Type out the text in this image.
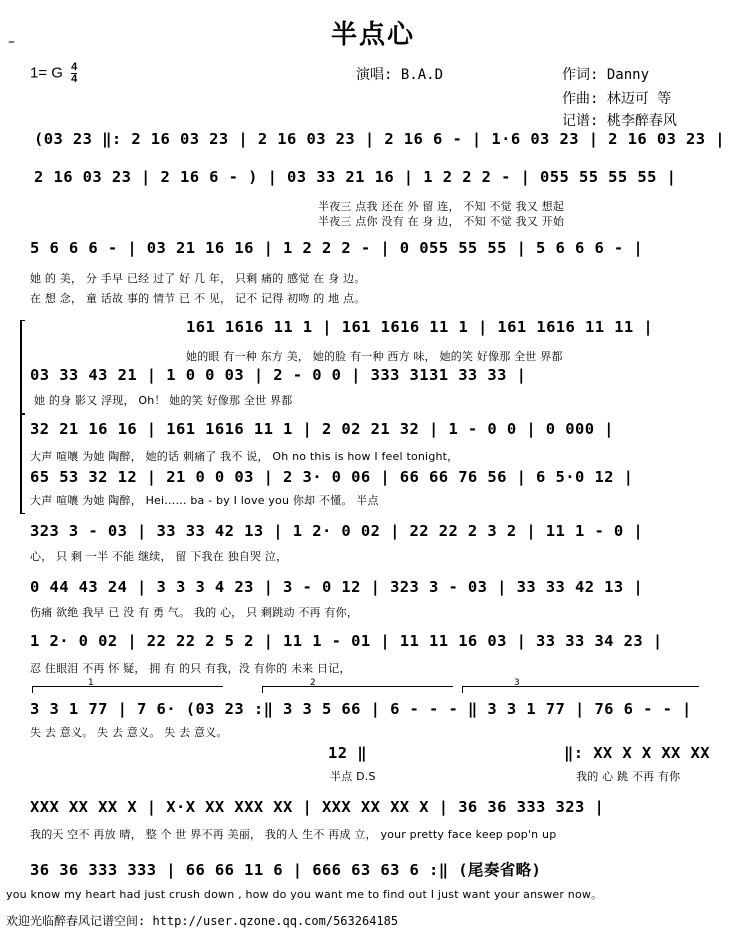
半点心
–
1= G $\frac{4}{4}$	演唱: B.A.D	作词: Danny
作曲: 林迈可 等
记谱: 桃李醉春风
(03 23 ‖: 2 16 03 23 | 2 16 03 23 | 2 16 6 - | 1·6 03 23 | 2 16 03 23 |
2 16 03 23 | 2 16 6 - ) | 03 33 21 16 | 1 2 2 2 - | 055 55 55 55 |
半夜三 点我 还在 外 留 连， 不知 不觉 我又 想起
半夜三 点你 没有 在 身 边， 不知 不觉 我又 开始
5 6 6 6 - | 03 21 16 16 | 1 2 2 2 - | 0 055 55 55 | 5 6 6 6 - |
她 的 美， 分 手早 已经 过了 好 几 年， 只剩 痛的 感觉 在 身 边。
在 想 念， 童 话故 事的 情节 已 不 见， 记不 记得 初吻 的 地 点。
161 1616 11 1 | 161 1616 11 1 | 161 1616 11 11 |
她的眼 有一种 东方 美， 她的脸 有一种 西方 味， 她的笑 好像那 全世 界都
03 33 43 21 | 1 0 0 03 | 2 - 0 0 | 333 3131 33 33 |
她 的身 影又 浮现， Oh！ 她的笑 好像那 全世 界都
32 21 16 16 | 161 1616 11 1 | 2 02 21 32 | 1 - 0 0 | 0 000 |
大声 喧嚷 为她 陶醉， 她的话 刺痛了 我不 说， Oh no this is how I feel tonight，
65 53 32 12 | 21 0 0 03 | 2 3· 0 06 | 66 66 76 56 | 6 5·0 12 |
大声 喧嚷 为她 陶醉， Hei…… ba - by I love you 你却 不懂。 半点
323 3 - 03 | 33 33 42 13 | 1 2· 0 02 | 22 22 2 3 2 | 11 1 - 0 |
心， 只 剩 一半 不能 继续， 留 下我在 独自哭 泣，
0 44 43 24 | 3 3 3 4 23 | 3 - 0 12 | 323 3 - 03 | 33 33 42 13 |
伤痛 欲绝 我早 已 没 有 勇 气。 我的 心， 只 剩跳动 不再 有你，
1 2· 0 02 | 22 22 2 5 2 | 11 1 - 01 | 11 11 16 03 | 33 33 34 23 |
忍 住眼泪 不再 怀 疑， 拥 有 的只 有我，没 有你的 未来 日记，
1	2	3
3 3 1 77 | 7 6· (03 23 :‖ 3 3 5 66 | 6 - - - ‖ 3 3 1 77 | 76 6 - - |
失 去 意义。 失 去 意义。 失 去 意义。
12 ‖
半点 D.S
‖: XX X X XX XX
我的 心 跳 不再 有你
XXX XX XX X | X·X XX XXX XX | XXX XX XX X | 36 36 333 323 |
我的天 空不 再放 晴， 整 个 世 界不再 美丽， 我的人 生不 再成 立， your pretty face keep pop'n up
36 36 333 333 | 66 66 11 6 | 666 63 63 6 :‖ (尾奏省略)
you know my heart had just crush down , how do you want me to find out I just want your answer now。
欢迎光临醉春风记谱空间: http://user.qzone.qq.com/563264185
